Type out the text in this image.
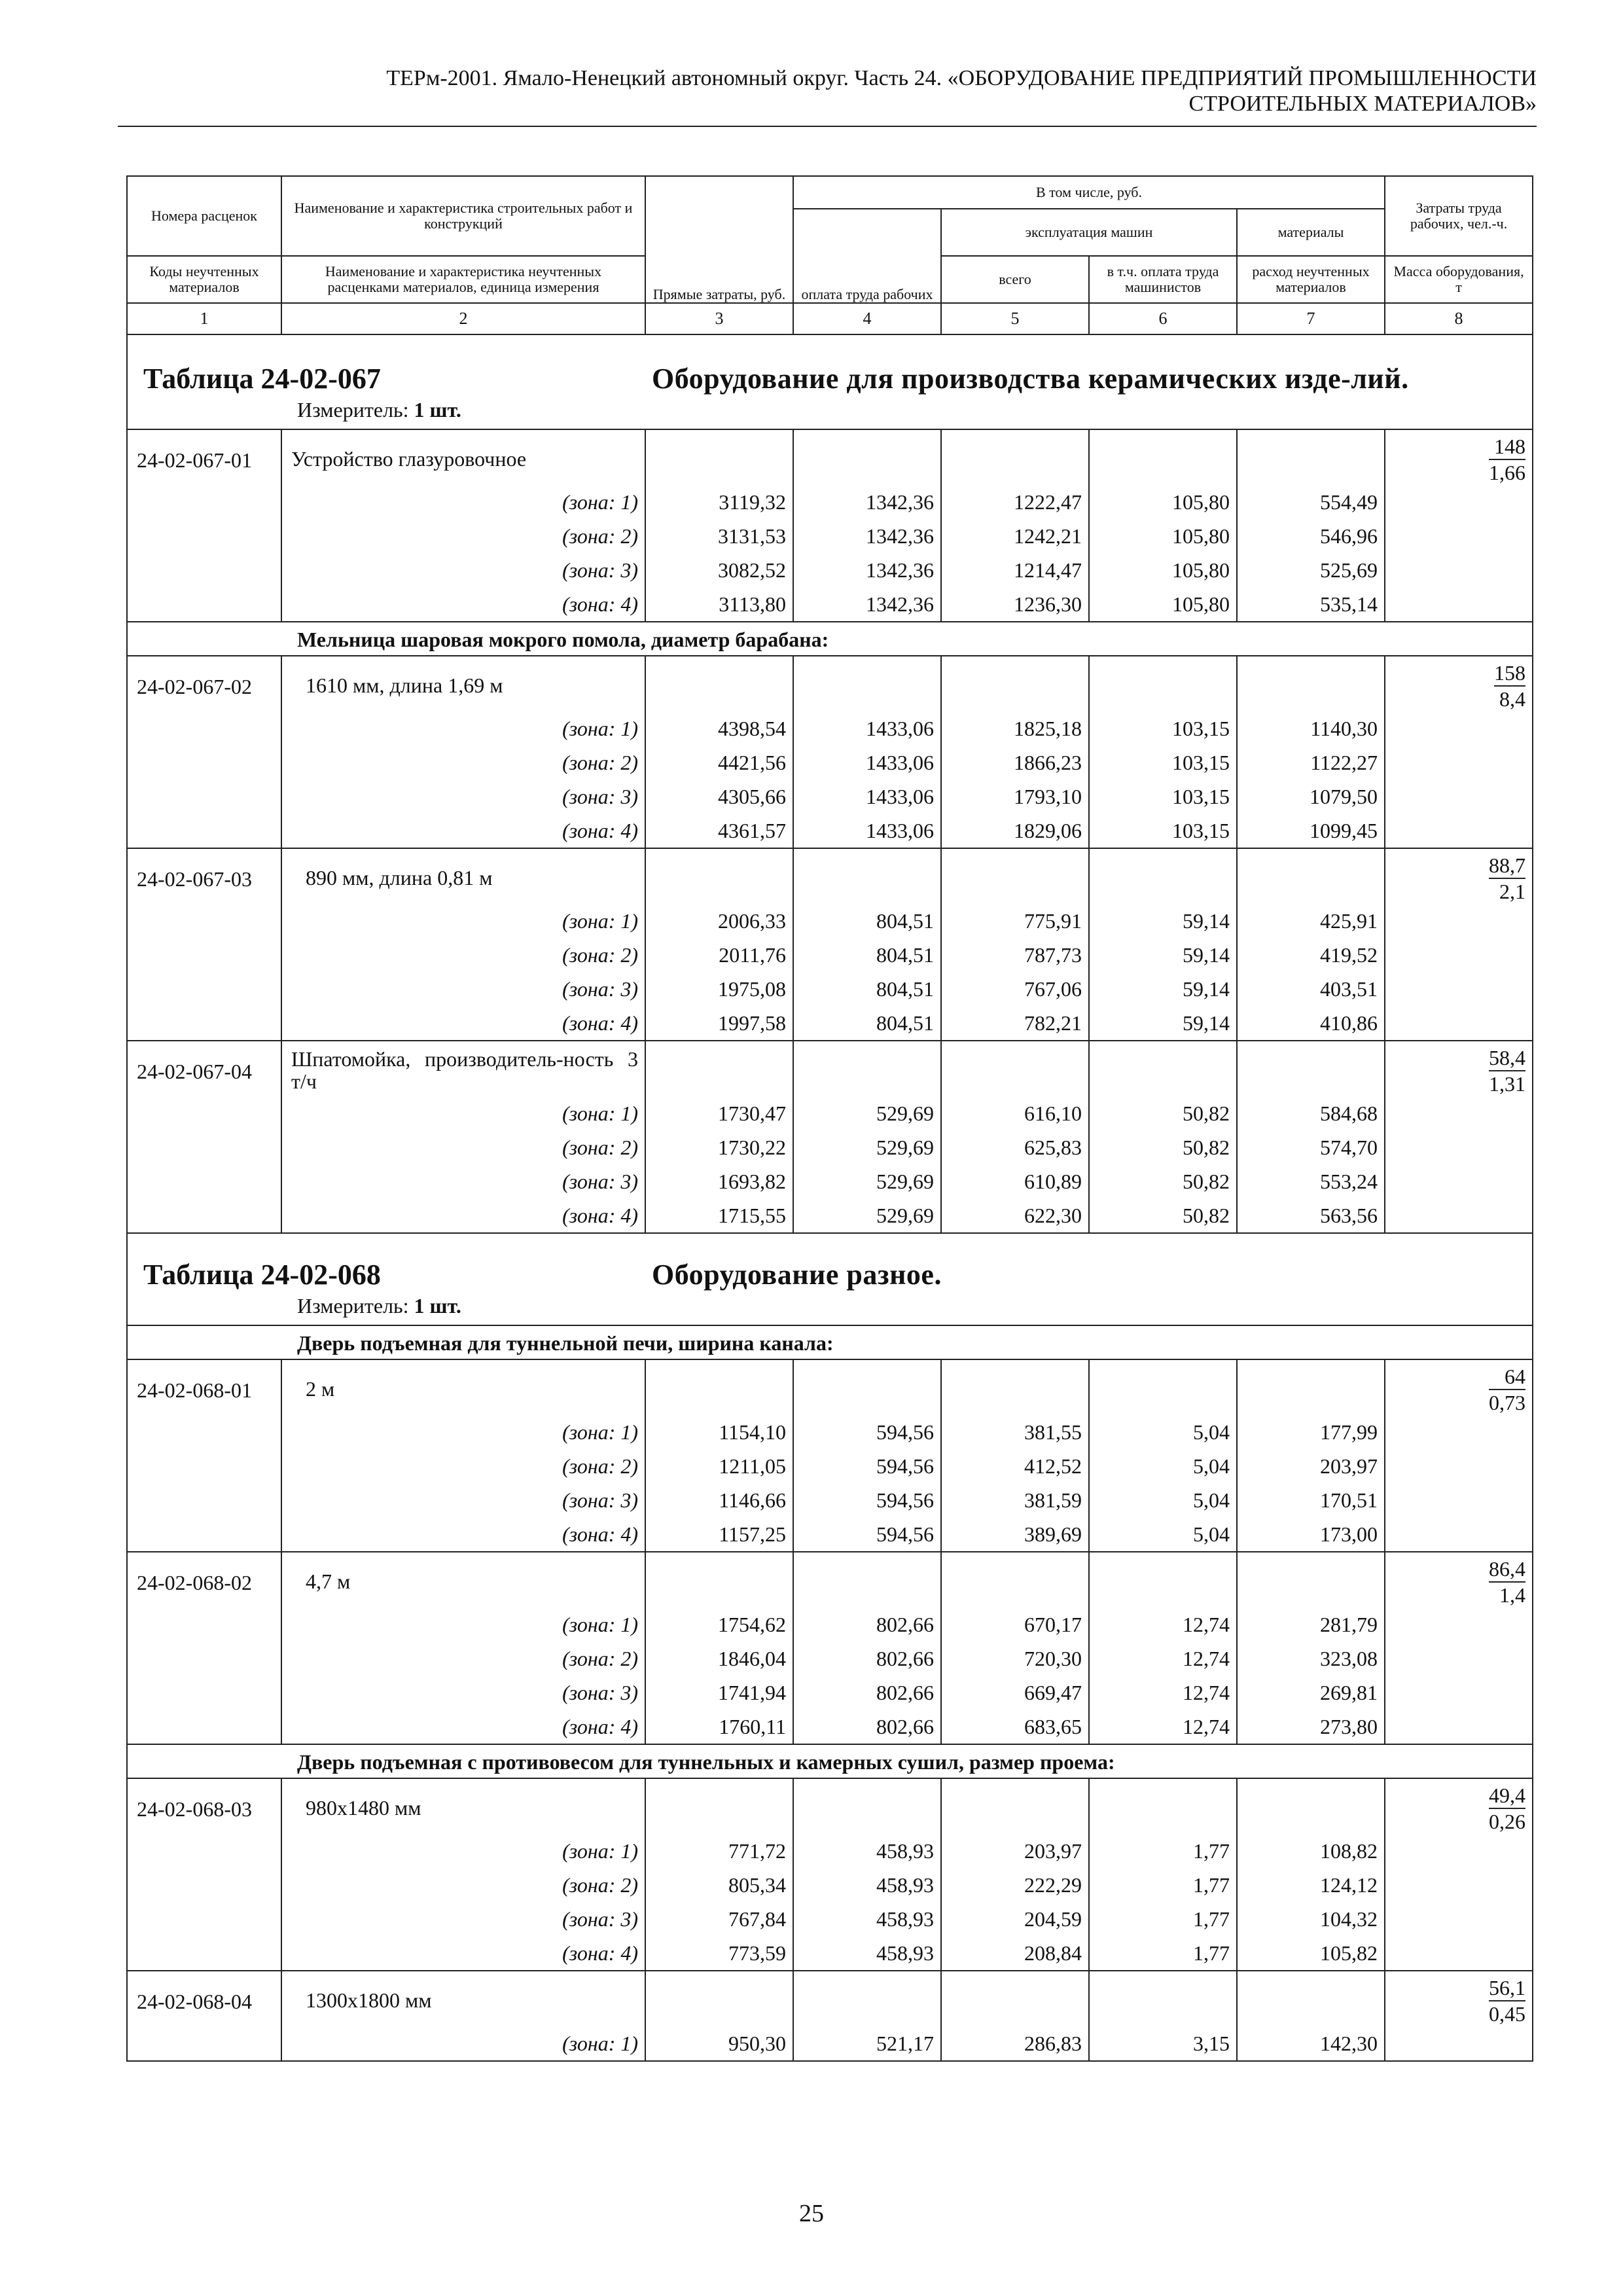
ТЕРм-2001. Ямало-Ненецкий автономный округ. Часть 24. «ОБОРУДОВАНИЕ ПРЕДПРИЯТИЙ ПРОМЫШЛЕННОСТИ
СТРОИТЕЛЬНЫХ МАТЕРИАЛОВ»
Номера расценок	Наименование и характеристика строительных работ и конструкций	Прямые затраты, руб.	В том числе, руб.				Затраты труда рабочих, чел.-ч.
			оплата труда рабочих	эксплуатация машин		материалы	
Коды неучтенных материалов	Наименование и характеристика неучтенных расценками материалов, единица измерения			всего	в т.ч. оплата труда машинистов	расход неучтенных материалов	Масса оборудования, т
1	2	3	4	5	6	7	8
Таблица 24-02-067		Оборудование для производства керамических изде-лий.					
	Измеритель: 1 шт.						
24-02-067-01	Устройство глазуровочное						$\frac{148}{1,66}$

	(зона: 1)	3119,32	1342,36	1222,47	105,80	554,49	
	(зона: 2)	3131,53	1342,36	1242,21	105,80	546,96	
	(зона: 3)	3082,52	1342,36	1214,47	105,80	525,69	
	(зона: 4)	3113,80	1342,36	1236,30	105,80	535,14	
	Мельница шаровая мокрого помола, диаметр барабана:						
24-02-067-02	1610 мм, длина 1,69 м						$\frac{158}{8,4}$

	(зона: 1)	4398,54	1433,06	1825,18	103,15	1140,30	
	(зона: 2)	4421,56	1433,06	1866,23	103,15	1122,27	
	(зона: 3)	4305,66	1433,06	1793,10	103,15	1079,50	
	(зона: 4)	4361,57	1433,06	1829,06	103,15	1099,45	
24-02-067-03	890 мм, длина 0,81 м						$\frac{88,7}{2,1}$

	(зона: 1)	2006,33	804,51	775,91	59,14	425,91	
	(зона: 2)	2011,76	804,51	787,73	59,14	419,52	
	(зона: 3)	1975,08	804,51	767,06	59,14	403,51	
	(зона: 4)	1997,58	804,51	782,21	59,14	410,86	
24-02-067-04	Шпатомойка, производитель-ность 3 т/ч						$\frac{58,4}{1,31}$

	(зона: 1)	1730,47	529,69	616,10	50,82	584,68	
	(зона: 2)	1730,22	529,69	625,83	50,82	574,70	
	(зона: 3)	1693,82	529,69	610,89	50,82	553,24	
	(зона: 4)	1715,55	529,69	622,30	50,82	563,56	
Таблица 24-02-068		Оборудование разное.					
	Измеритель: 1 шт.						
	Дверь подъемная для туннельной печи, ширина канала:						
24-02-068-01	2 м						$\frac{64}{0,73}$

	(зона: 1)	1154,10	594,56	381,55	5,04	177,99	
	(зона: 2)	1211,05	594,56	412,52	5,04	203,97	
	(зона: 3)	1146,66	594,56	381,59	5,04	170,51	
	(зона: 4)	1157,25	594,56	389,69	5,04	173,00	
24-02-068-02	4,7 м						$\frac{86,4}{1,4}$

	(зона: 1)	1754,62	802,66	670,17	12,74	281,79	
	(зона: 2)	1846,04	802,66	720,30	12,74	323,08	
	(зона: 3)	1741,94	802,66	669,47	12,74	269,81	
	(зона: 4)	1760,11	802,66	683,65	12,74	273,80	
	Дверь подъемная с противовесом для туннельных и камерных сушил, размер проема:						
24-02-068-03	980х1480 мм						$\frac{49,4}{0,26}$

	(зона: 1)	771,72	458,93	203,97	1,77	108,82	
	(зона: 2)	805,34	458,93	222,29	1,77	124,12	
	(зона: 3)	767,84	458,93	204,59	1,77	104,32	
	(зона: 4)	773,59	458,93	208,84	1,77	105,82	
24-02-068-04	1300х1800 мм						$\frac{56,1}{0,45}$

	(зона: 1)	950,30	521,17	286,83	3,15	142,30	
25
